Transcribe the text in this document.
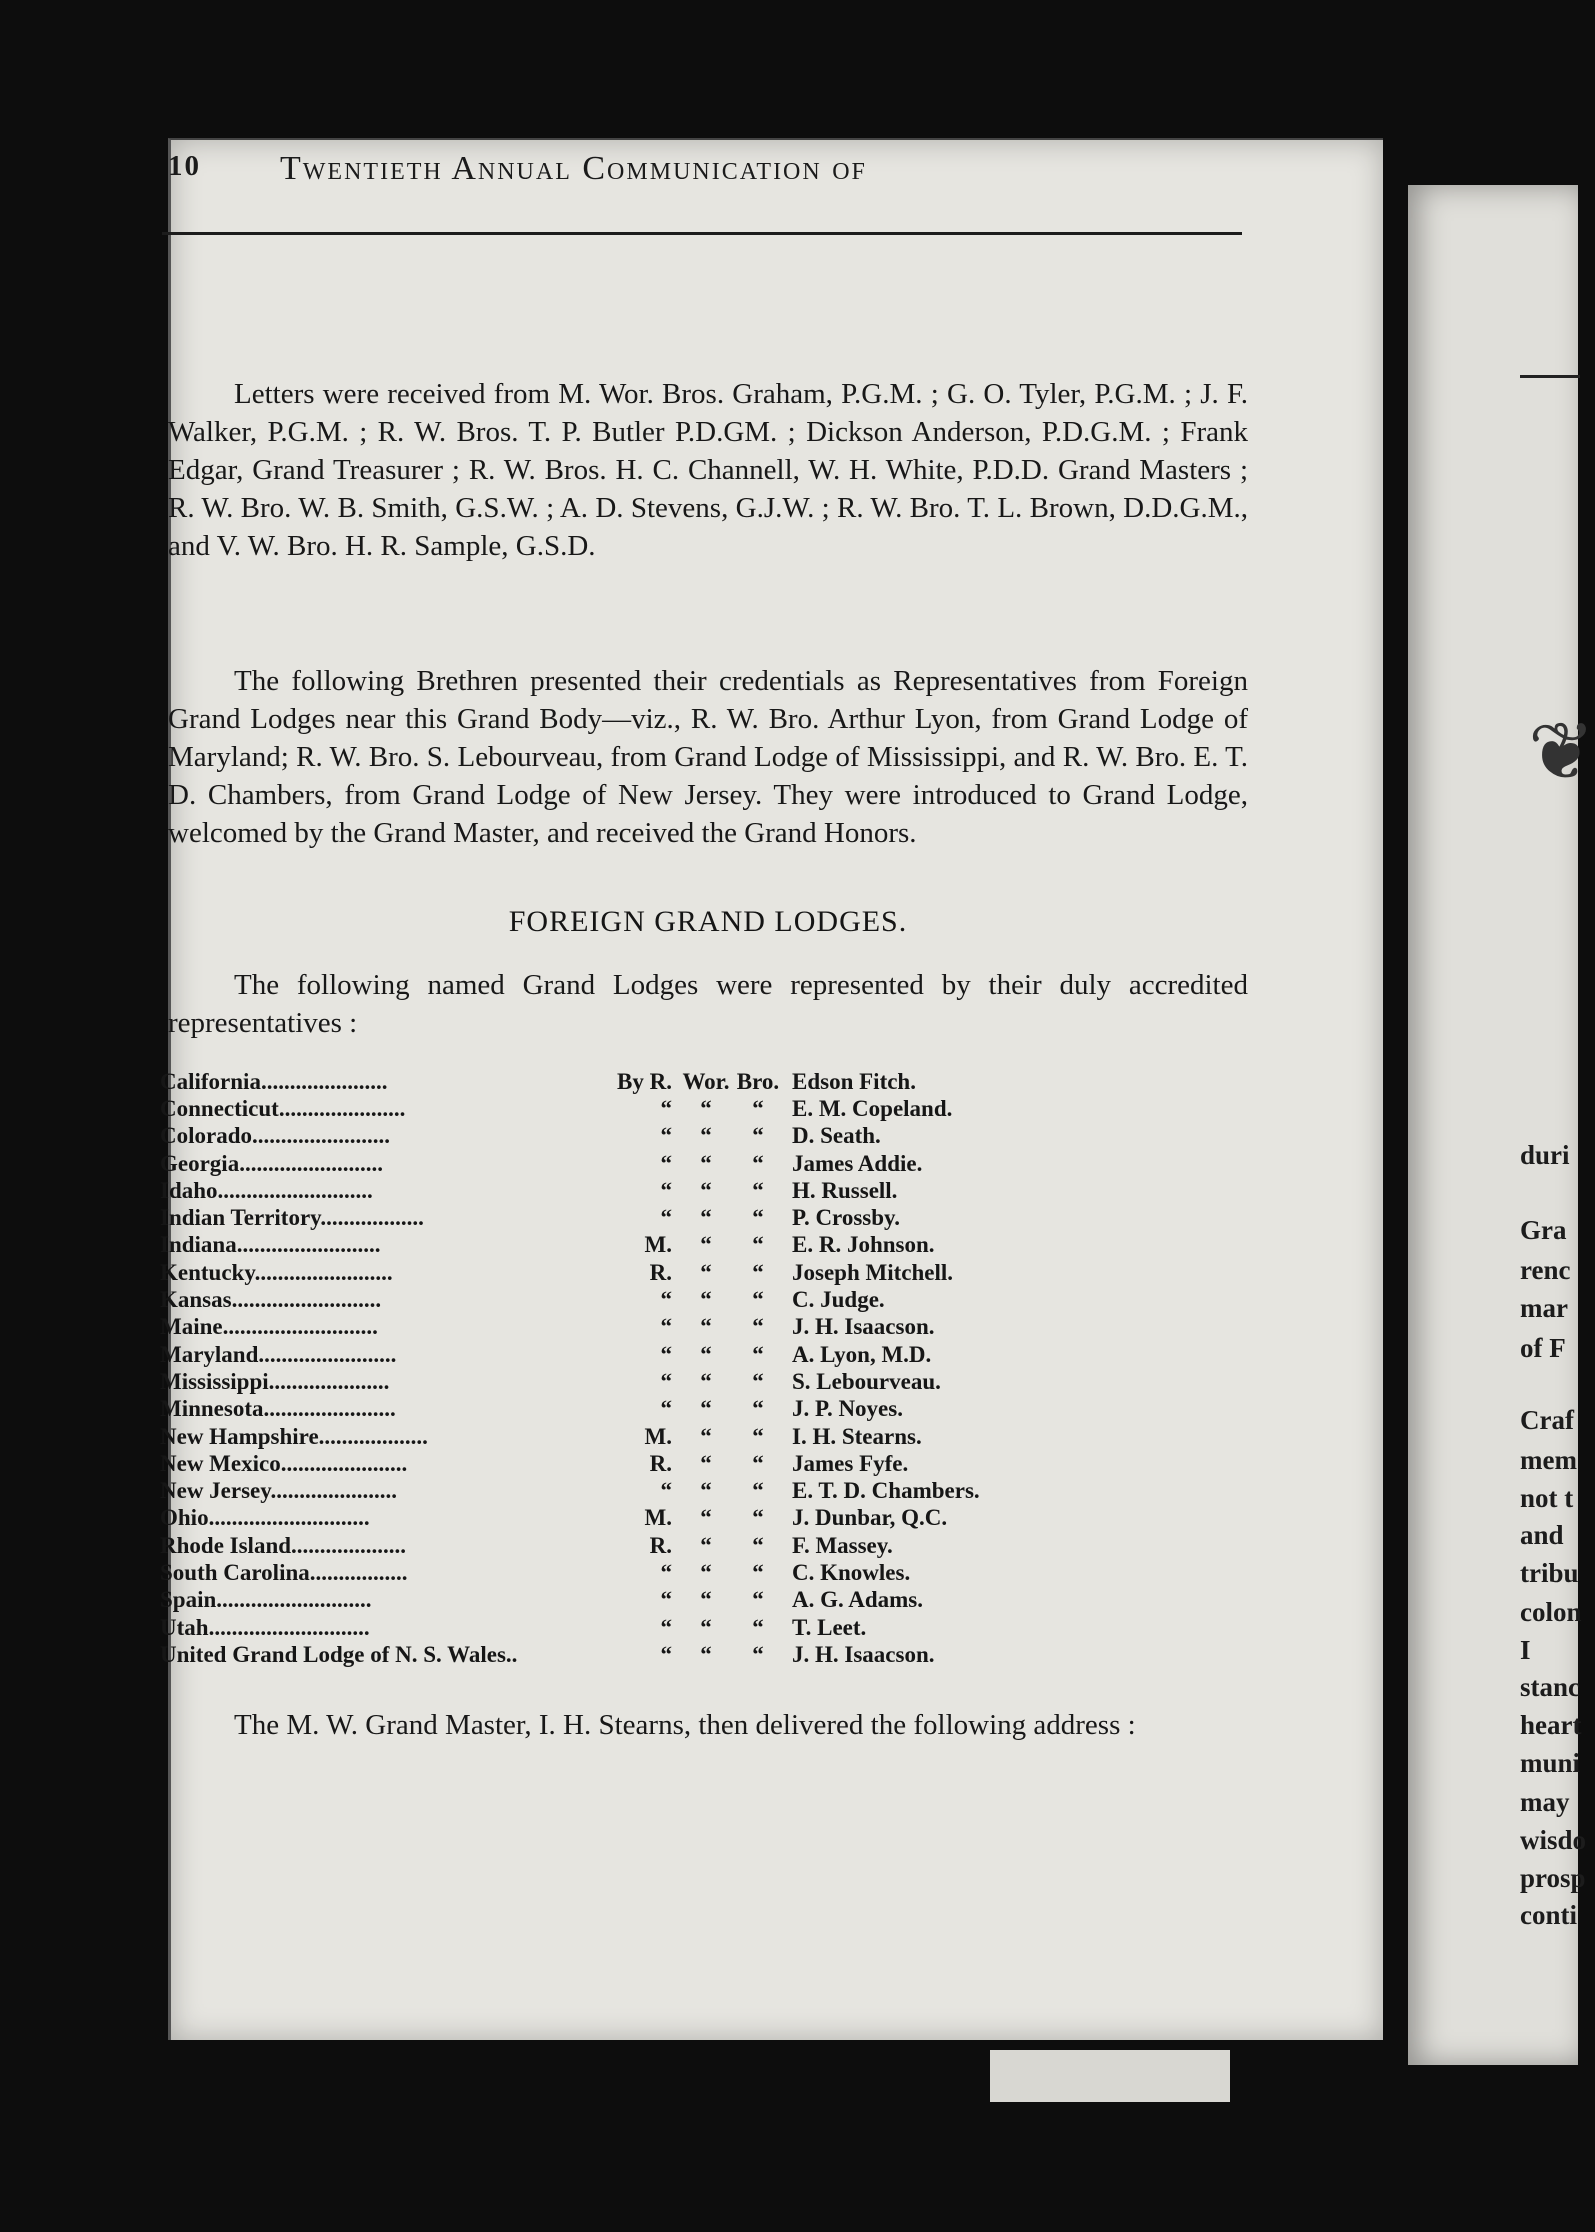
❦
duri
Gra
renc
mar
of F
Craf
mem
not t
and
tribu
colon
I
stanc
heart
muni
may
wisdo
prosp
conti
10 Twentieth Annual Communication of

Letters were received from M. Wor. Bros. Graham, P.G.M. ; G. O. Tyler, P.G.M. ; J. F. Walker, P.G.M. ; R. W. Bros. T. P. Butler P.D.GM. ; Dickson Anderson, P.D.G.M. ; Frank Edgar, Grand Treasurer ; R. W. Bros. H. C. Channell, W. H. White, P.D.D. Grand Masters ; R. W. Bro. W. B. Smith, G.S.W. ; A. D. Stevens, G.J.W. ; R. W. Bro. T. L. Brown, D.D.G.M., and V. W. Bro. H. R. Sample, G.S.D.

The following Brethren presented their credentials as Representatives from Foreign Grand Lodges near this Grand Body—viz., R. W. Bro. Arthur Lyon, from Grand Lodge of Maryland; R. W. Bro. S. Lebourveau, from Grand Lodge of Mississippi, and R. W. Bro. E. T. D. Chambers, from Grand Lodge of New Jersey. They were introduced to Grand Lodge, welcomed by the Grand Master, and received the Grand Honors.

FOREIGN GRAND LODGES.

The following named Grand Lodges were represented by their duly accredited representatives :

California......................	By R.	Wor.	Bro.	Edson Fitch.
Connecticut......................	“	“	“	E. M. Copeland.
Colorado........................	“	“	“	D. Seath.
Georgia.........................	“	“	“	James Addie.
Idaho...........................	“	“	“	H. Russell.
Indian Territory..................	“	“	“	P. Crossby.
Indiana.........................	M.	“	“	E. R. Johnson.
Kentucky........................	R.	“	“	Joseph Mitchell.
Kansas..........................	“	“	“	C. Judge.
Maine...........................	“	“	“	J. H. Isaacson.
Maryland........................	“	“	“	A. Lyon, M.D.
Mississippi.....................	“	“	“	S. Lebourveau.
Minnesota.......................	“	“	“	J. P. Noyes.
New Hampshire...................	M.	“	“	I. H. Stearns.
New Mexico......................	R.	“	“	James Fyfe.
New Jersey......................	“	“	“	E. T. D. Chambers.
Ohio............................	M.	“	“	J. Dunbar, Q.C.
Rhode Island....................	R.	“	“	F. Massey.
South Carolina.................	“	“	“	C. Knowles.
Spain...........................	“	“	“	A. G. Adams.
Utah............................	“	“	“	T. Leet.
United Grand Lodge of N. S. Wales..	“	“	“	J. H. Isaacson.

The M. W. Grand Master, I. H. Stearns, then delivered the following address :
